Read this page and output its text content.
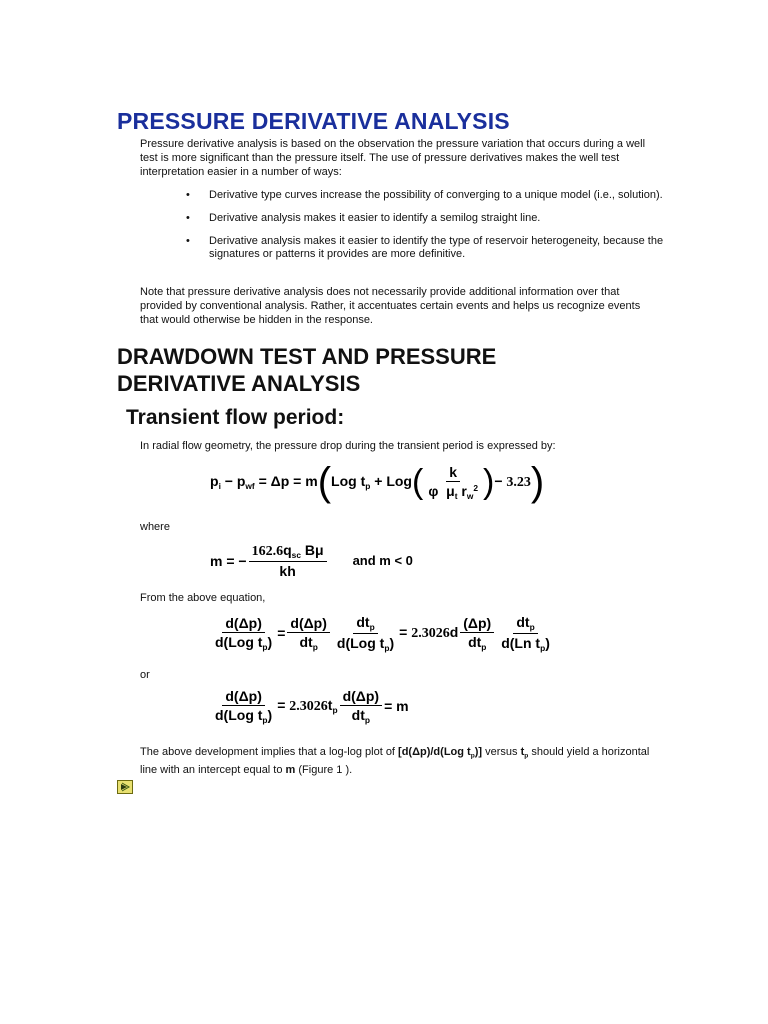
PRESSURE DERIVATIVE ANALYSIS
Pressure derivative analysis is based on the observation the pressure variation that occurs during a well test is more significant than the pressure itself. The use of pressure derivatives makes the well test interpretation easier in a number of ways:
• Derivative type curves increase the possibility of converging to a unique model (i.e., solution).
• Derivative analysis makes it easier to identify a semilog straight line.
• Derivative analysis makes it easier to identify the type of reservoir heterogeneity, because the signatures or patterns it provides are more definitive.
Note that pressure derivative analysis does not necessarily provide additional information over that provided by conventional analysis. Rather, it accentuates certain events and helps us recognize events that would otherwise be hidden in the response.
DRAWDOWN TEST AND PRESSURE DERIVATIVE ANALYSIS
Transient flow period:
In radial flow geometry, the pressure drop during the transient period is expressed by:
$p_i - p_{wf} = \Delta p = m$ ( Log $t_p$ + Log ( $\frac{k}{\varphi \mu_t r_w^2}$ ) − 3.23 )
where
m = − $\frac{162.6q_{sc} B\mu}{kh}$ and m < 0
From the above equation,
$\frac{d(\Delta p)}{d(Log t_p)} = \frac{d(\Delta p)}{dt_p} \frac{dt_p}{d(Log t_p)} = 2.3026d \frac{(\Delta p)}{dt_p} \frac{dt_p}{d(Ln t_p)}$
or
$\frac{d(\Delta p)}{d(Log t_p)} = 2.3026t_p \frac{d(\Delta p)}{dt_p} = m$
The above development implies that a log-log plot of [d(Δp)/d(Log $t_p$)] versus $t_p$ should yield a horizontal line with an intercept equal to m (Figure 1 ).
